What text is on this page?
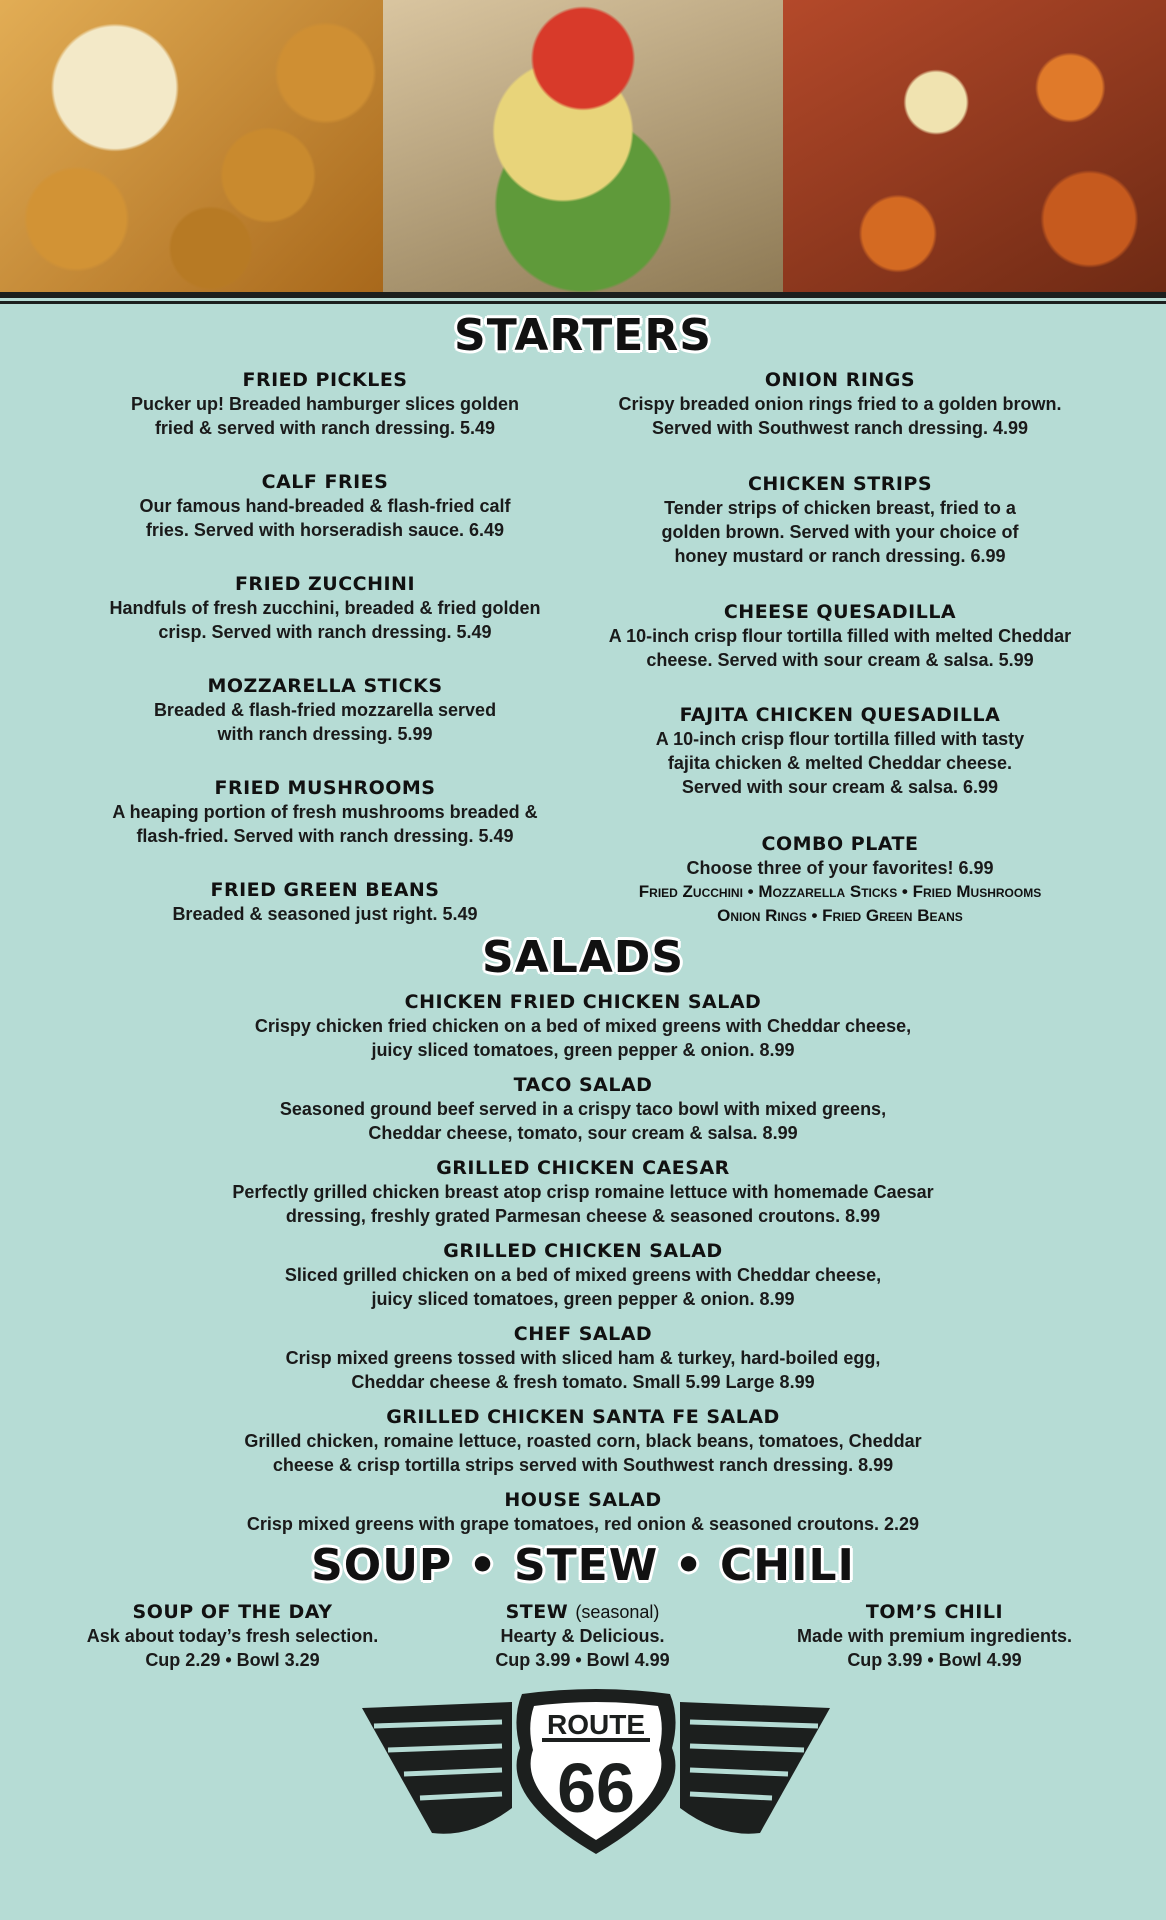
STARTERS
FRIED PICKLES
Pucker up! Breaded hamburger slices golden
fried & served with ranch dressing. 5.49
CALF FRIES
Our famous hand-breaded & flash-fried calf
fries. Served with horseradish sauce. 6.49
FRIED ZUCCHINI
Handfuls of fresh zucchini, breaded & fried golden
crisp. Served with ranch dressing. 5.49
MOZZARELLA STICKS
Breaded & flash-fried mozzarella served
with ranch dressing. 5.99
FRIED MUSHROOMS
A heaping portion of fresh mushrooms breaded &
flash-fried. Served with ranch dressing. 5.49
FRIED GREEN BEANS
Breaded & seasoned just right. 5.49
ONION RINGS
Crispy breaded onion rings fried to a golden brown.
Served with Southwest ranch dressing. 4.99
CHICKEN STRIPS
Tender strips of chicken breast, fried to a
golden brown. Served with your choice of
honey mustard or ranch dressing. 6.99
CHEESE QUESADILLA
A 10-inch crisp flour tortilla filled with melted Cheddar
cheese. Served with sour cream & salsa. 5.99
FAJITA CHICKEN QUESADILLA
A 10-inch crisp flour tortilla filled with tasty
fajita chicken & melted Cheddar cheese.
Served with sour cream & salsa. 6.99
COMBO PLATE
Choose three of your favorites! 6.99
Fried Zucchini • Mozzarella Sticks • Fried Mushrooms
Onion Rings • Fried Green Beans
SALADS
CHICKEN FRIED CHICKEN SALAD
Crispy chicken fried chicken on a bed of mixed greens with Cheddar cheese,
juicy sliced tomatoes, green pepper & onion. 8.99
TACO SALAD
Seasoned ground beef served in a crispy taco bowl with mixed greens,
Cheddar cheese, tomato, sour cream & salsa. 8.99
GRILLED CHICKEN CAESAR
Perfectly grilled chicken breast atop crisp romaine lettuce with homemade Caesar
dressing, freshly grated Parmesan cheese & seasoned croutons. 8.99
GRILLED CHICKEN SALAD
Sliced grilled chicken on a bed of mixed greens with Cheddar cheese,
juicy sliced tomatoes, green pepper & onion. 8.99
CHEF SALAD
Crisp mixed greens tossed with sliced ham & turkey, hard-boiled egg,
Cheddar cheese & fresh tomato. Small 5.99 Large 8.99
GRILLED CHICKEN SANTA FE SALAD
Grilled chicken, romaine lettuce, roasted corn, black beans, tomatoes, Cheddar
cheese & crisp tortilla strips served with Southwest ranch dressing. 8.99
HOUSE SALAD
Crisp mixed greens with grape tomatoes, red onion & seasoned croutons. 2.29
SOUP • STEW • CHILI
SOUP OF THE DAY
Ask about today’s fresh selection.
Cup 2.29 • Bowl 3.29
STEW (seasonal)
Hearty & Delicious.
Cup 3.99 • Bowl 4.99
TOM’S CHILI
Made with premium ingredients.
Cup 3.99 • Bowl 4.99
ROUTE
66
